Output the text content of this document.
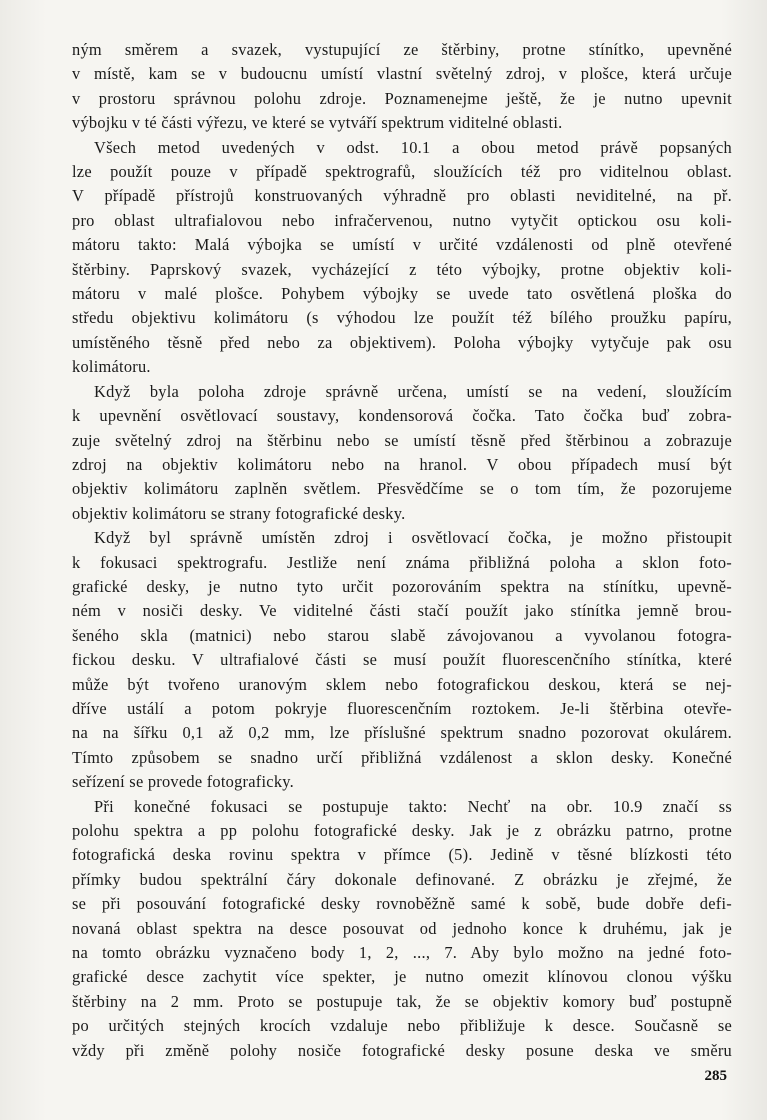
ným směrem a svazek, vystupující ze štěrbiny, protne stínítko, upevněné
v místě, kam se v budoucnu umístí vlastní světelný zdroj, v plošce, která určuje
v prostoru správnou polohu zdroje. Poznamenejme ještě, že je nutno upevnit
výbojku v té části výřezu, ve které se vytváří spektrum viditelné oblasti.
Všech metod uvedených v odst. 10.1 a obou metod právě popsaných
lze použít pouze v případě spektrografů, sloužících též pro viditelnou oblast.
V případě přístrojů konstruovaných výhradně pro oblasti neviditelné, na př.
pro oblast ultrafialovou nebo infračervenou, nutno vytyčit optickou osu koli-
mátoru takto: Malá výbojka se umístí v určité vzdálenosti od plně otevřené
štěrbiny. Paprskový svazek, vycházející z této výbojky, protne objektiv koli-
mátoru v malé plošce. Pohybem výbojky se uvede tato osvětlená ploška do
středu objektivu kolimátoru (s výhodou lze použít též bílého proužku papíru,
umístěného těsně před nebo za objektivem). Poloha výbojky vytyčuje pak osu
kolimátoru.
Když byla poloha zdroje správně určena, umístí se na vedení, sloužícím
k upevnění osvětlovací soustavy, kondensorová čočka. Tato čočka buď zobra-
zuje světelný zdroj na štěrbinu nebo se umístí těsně před štěrbinou a zobrazuje
zdroj na objektiv kolimátoru nebo na hranol. V obou případech musí být
objektiv kolimátoru zaplněn světlem. Přesvědčíme se o tom tím, že pozorujeme
objektiv kolimátoru se strany fotografické desky.
Když byl správně umístěn zdroj i osvětlovací čočka, je možno přistoupit
k fokusaci spektrografu. Jestliže není známa přibližná poloha a sklon foto-
grafické desky, je nutno tyto určit pozorováním spektra na stínítku, upevně-
ném v nosiči desky. Ve viditelné části stačí použít jako stínítka jemně brou-
šeného skla (matnici) nebo starou slabě závojovanou a vyvolanou fotogra-
fickou desku. V ultrafialové části se musí použít fluorescenčního stínítka, které
může být tvořeno uranovým sklem nebo fotografickou deskou, která se nej-
dříve ustálí a potom pokryje fluorescenčním roztokem. Je-li štěrbina otevře-
na na šířku 0,1 až 0,2 mm, lze příslušné spektrum snadno pozorovat okulárem.
Tímto způsobem se snadno určí přibližná vzdálenost a sklon desky. Konečné
seřízení se provede fotograficky.
Při konečné fokusaci se postupuje takto: Nechť na obr. 10.9 značí ss
polohu spektra a pp polohu fotografické desky. Jak je z obrázku patrno, protne
fotografická deska rovinu spektra v přímce (5). Jedině v těsné blízkosti této
přímky budou spektrální čáry dokonale definované. Z obrázku je zřejmé, že
se při posouvání fotografické desky rovnoběžně samé k sobě, bude dobře defi-
novaná oblast spektra na desce posouvat od jednoho konce k druhému, jak je
na tomto obrázku vyznačeno body 1, 2, ..., 7. Aby bylo možno na jedné foto-
grafické desce zachytit více spekter, je nutno omezit klínovou clonou výšku
štěrbiny na 2 mm. Proto se postupuje tak, že se objektiv komory buď postupně
po určitých stejných krocích vzdaluje nebo přibližuje k desce. Současně se
vždy při změně polohy nosiče fotografické desky posune deska ve směru
285
